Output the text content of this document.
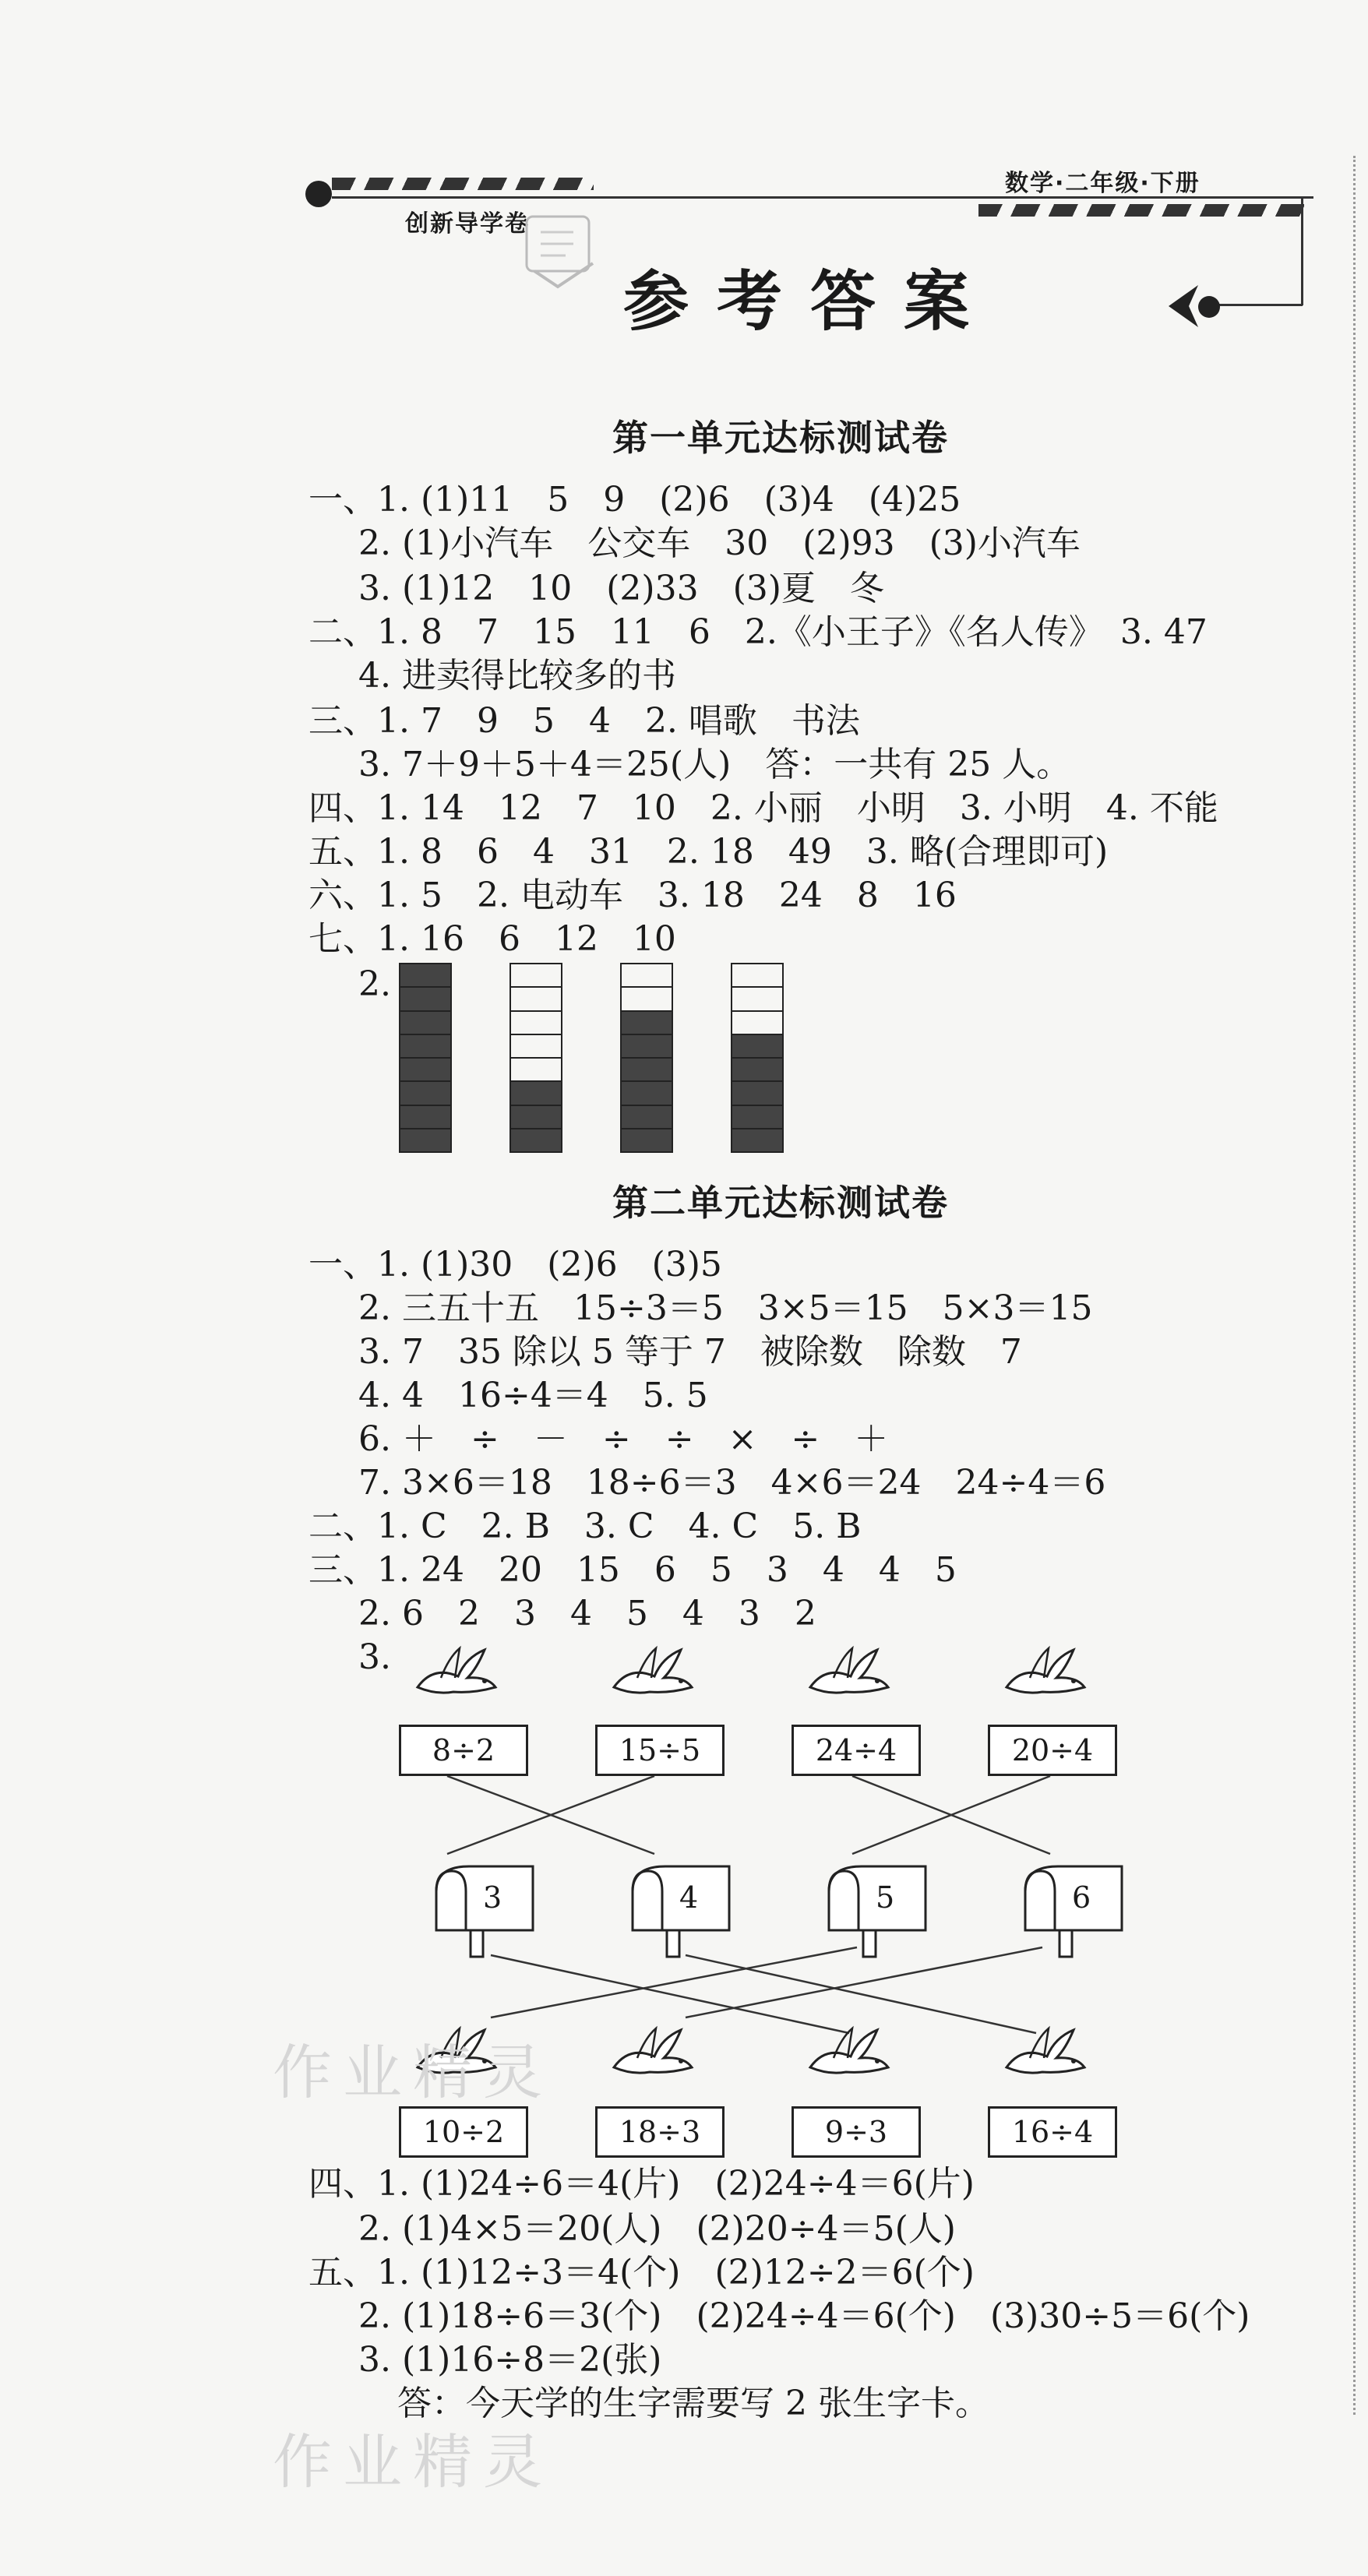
创新导学卷
数学·二年级·下册
参考答案
第一单元达标测试卷
一、1. (1)11　5　9　(2)6　(3)4　(4)25
2. (1)小汽车　公交车　30　(2)93　(3)小汽车
3. (1)12　10　(2)33　(3)夏　冬
二、1. 8　7　15　11　6　2.《小王子》《名人传》　3. 47
4. 进卖得比较多的书
三、1. 7　9　5　4　2. 唱歌　书法
3. 7＋9＋5＋4＝25(人)　答：一共有 25 人。
四、1. 14　12　7　10　2. 小丽　小明　3. 小明　4. 不能
五、1. 8　6　4　31　2. 18　49　3. 略(合理即可)
六、1. 5　2. 电动车　3. 18　24　8　16
七、1. 16　6　12　10
2.
第二单元达标测试卷
一、1. (1)30　(2)6　(3)5
2. 三五十五　15÷3＝5　3×5＝15　5×3＝15
3. 7　35 除以 5 等于 7　被除数　除数　7
4. 4　16÷4＝4　5. 5
6. ＋　÷　－　÷　÷　×　÷　＋
7. 3×6＝18　18÷6＝3　4×6＝24　24÷4＝6
二、1. C　2. B　3. C　4. C　5. B
三、1. 24　20　15　6　5　3　4　4　5
2. 6　2　3　4　5　4　3　2
3.
8÷2	15÷5	24÷4	20÷4
3	4	5	6
10÷2	18÷3	9÷3	16÷4
四、1. (1)24÷6＝4(片)　(2)24÷4＝6(片)
2. (1)4×5＝20(人)　(2)20÷4＝5(人)
五、1. (1)12÷3＝4(个)　(2)12÷2＝6(个)
2. (1)18÷6＝3(个)　(2)24÷4＝6(个)　(3)30÷5＝6(个)
3. (1)16÷8＝2(张)
答：今天学的生字需要写 2 张生字卡。
作业精灵
作业精灵
